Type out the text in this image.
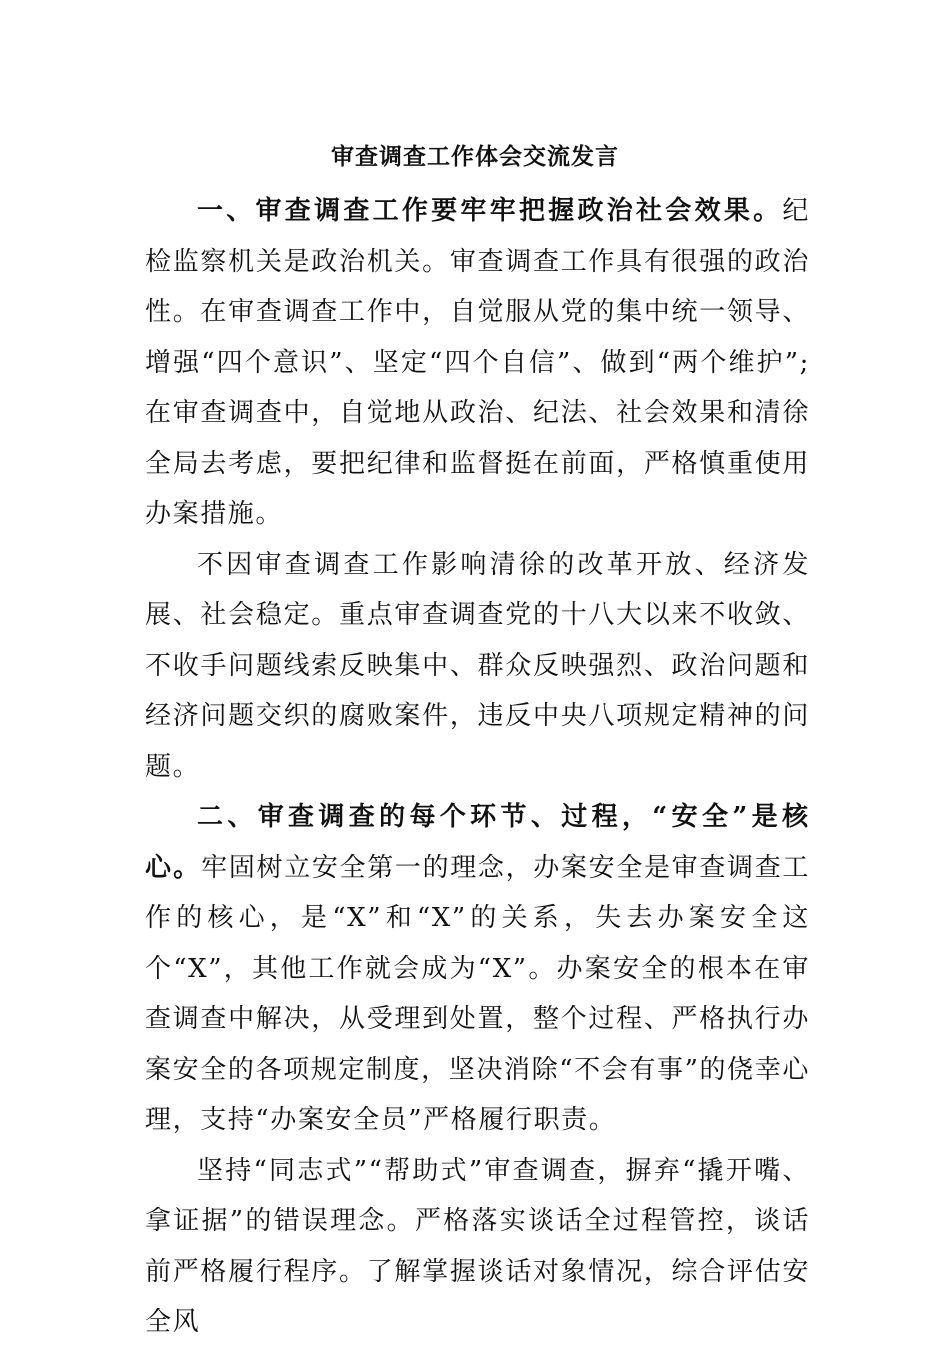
审查调查工作体会交流发言

一、审查调查工作要牢牢把握政治社会效果。纪检监察机关是政治机关。审查调查工作具有很强的政治性。在审查调查工作中，自觉服从党的集中统一领导、增强“四个意识”、坚定“四个自信”、做到“两个维护”;在审查调查中，自觉地从政治、纪法、社会效果和清徐全局去考虑，要把纪律和监督挺在前面，严格慎重使用办案措施。

不因审查调查工作影响清徐的改革开放、经济发展、社会稳定。重点审查调查党的十八大以来不收敛、不收手问题线索反映集中、群众反映强烈、政治问题和经济问题交织的腐败案件，违反中央八项规定精神的问题。

二、审查调查的每个环节、过程，“安全”是核心。牢固树立安全第一的理念，办案安全是审查调查工作的核心，是“X”和“X”的关系，失去办案安全这个“X”，其他工作就会成为“X”。办案安全的根本在审查调查中解决，从受理到处置，整个过程、严格执行办案安全的各项规定制度，坚决消除“不会有事”的侥幸心理，支持“办案安全员”严格履行职责。

坚持“同志式”“帮助式”审查调查，摒弃“撬开嘴、拿证据”的错误理念。严格落实谈话全过程管控，谈话前严格履行程序。了解掌握谈话对象情况，综合评估安全风
